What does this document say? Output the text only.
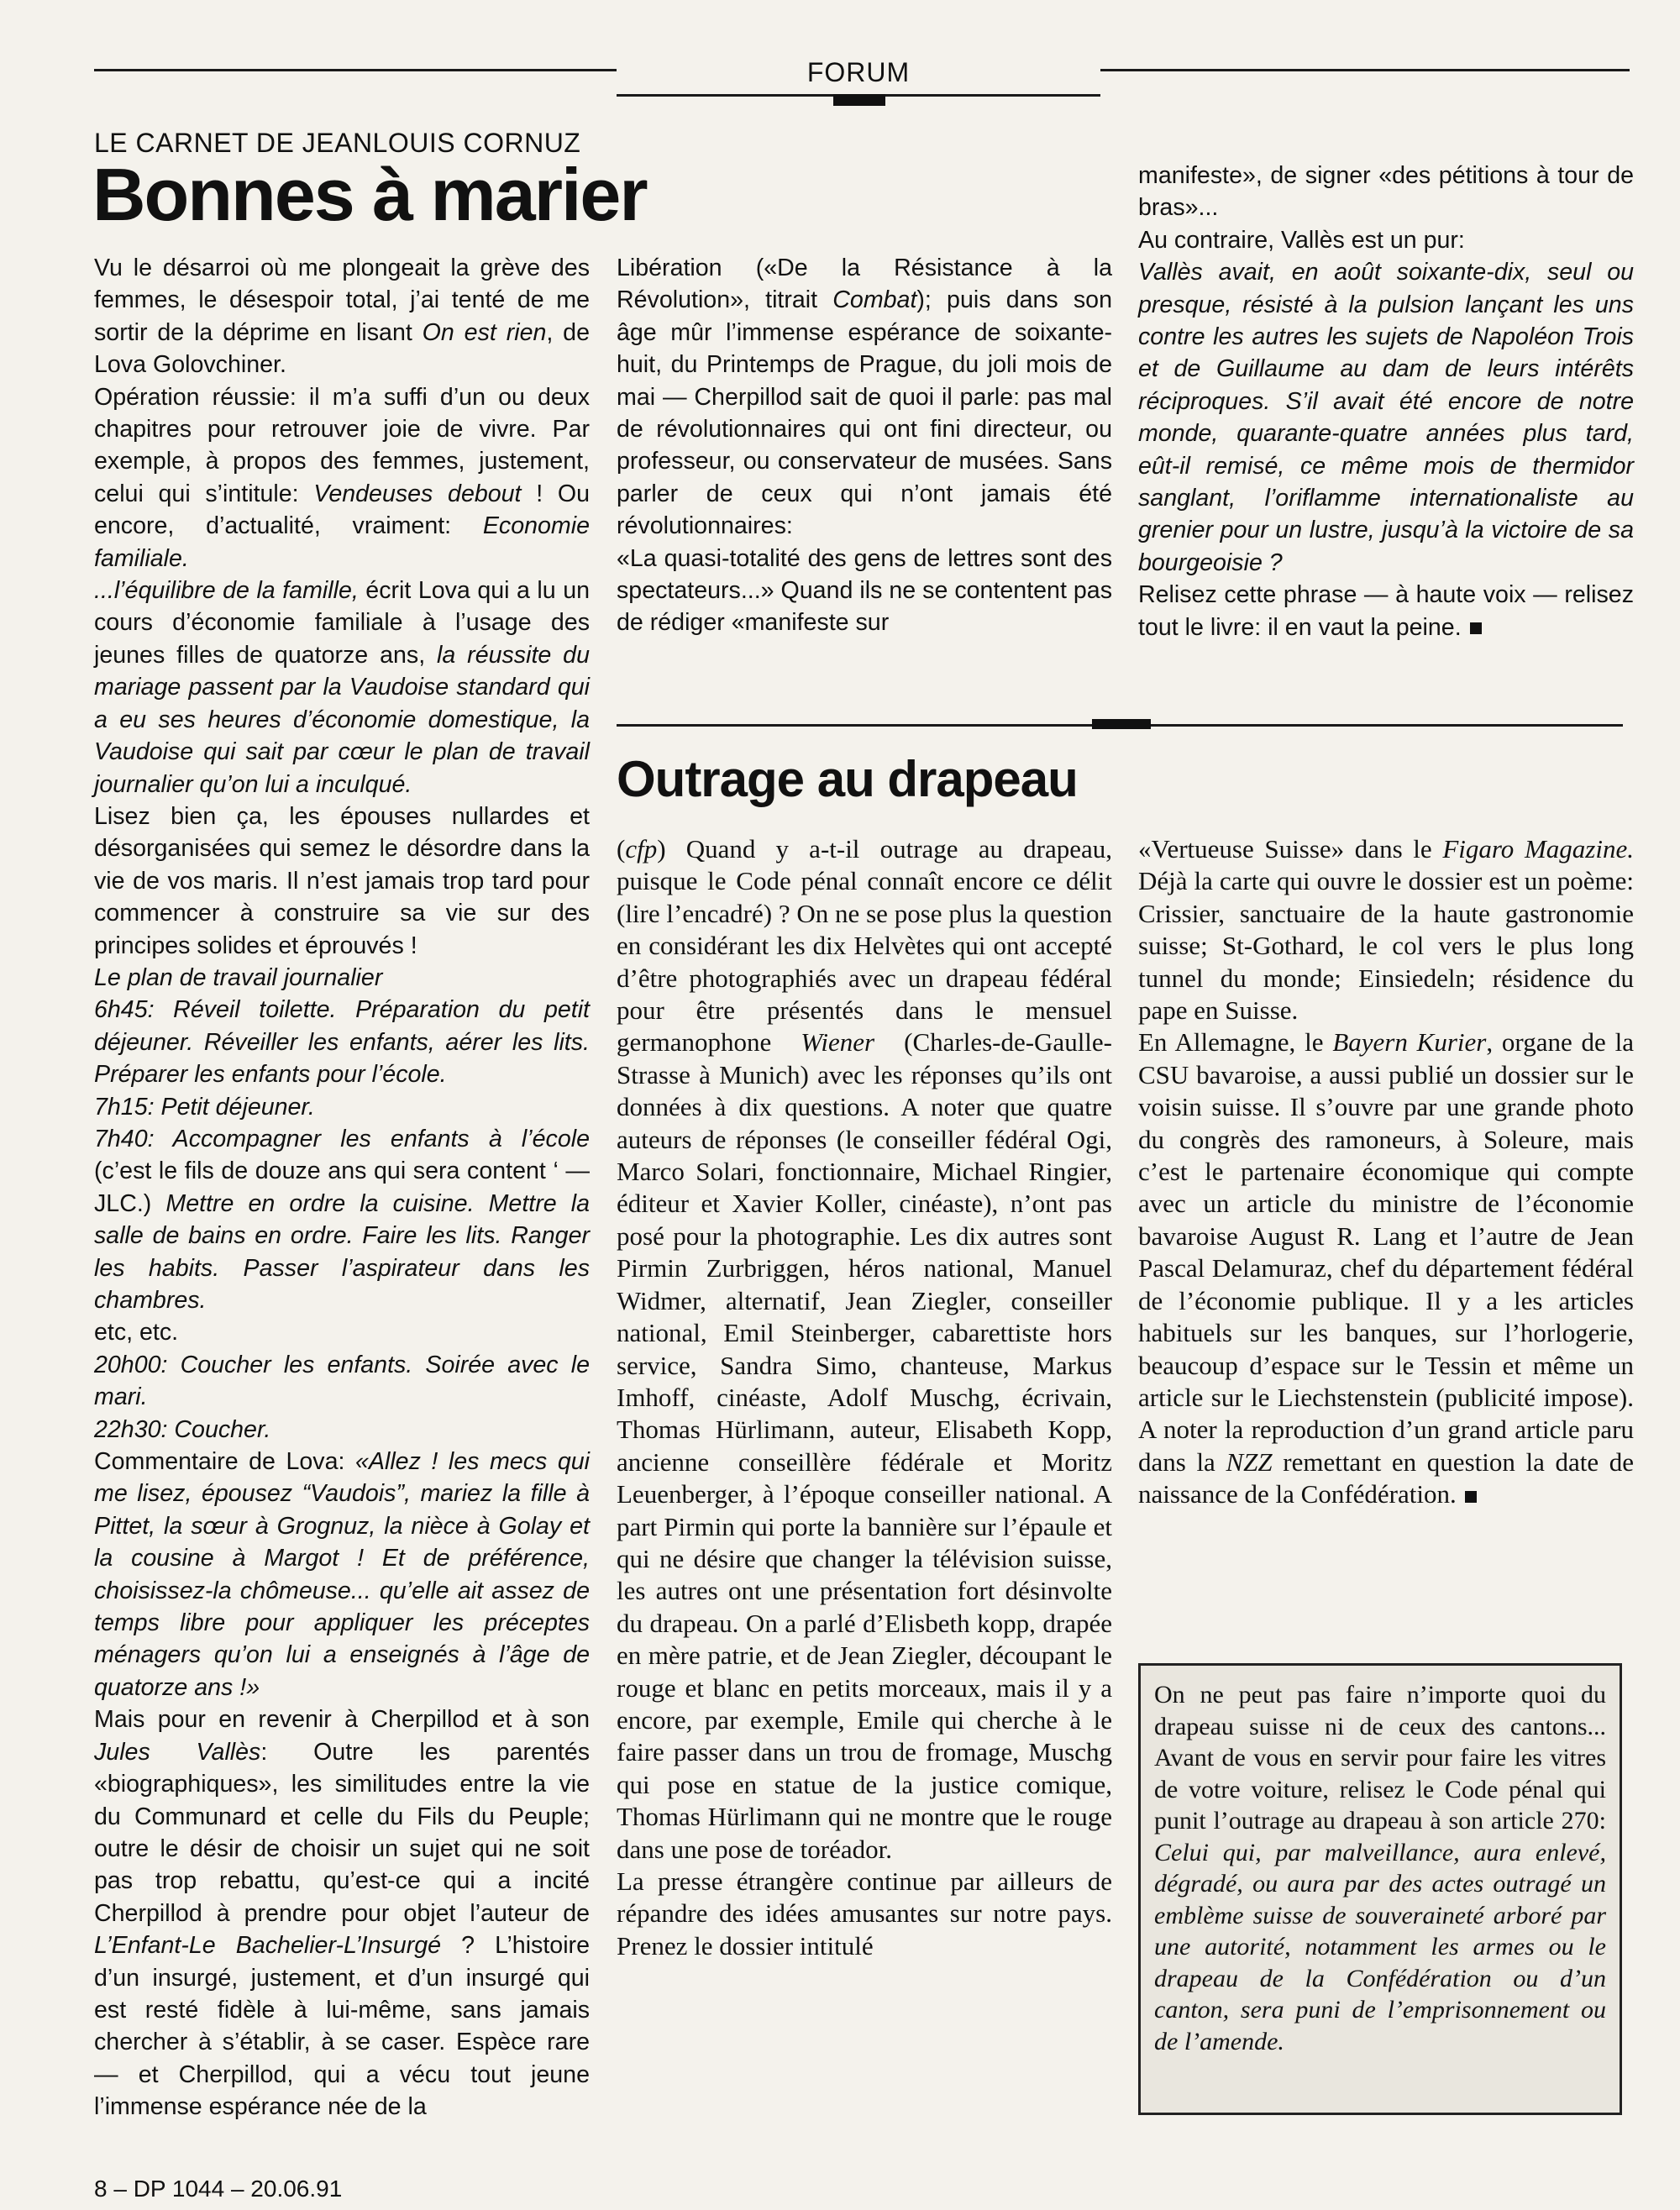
FORUM
LE CARNET DE JEANLOUIS CORNUZ
Bonnes à marier

Vu le désarroi où me plongeait la grève des femmes, le désespoir total, j’ai tenté de me sortir de la déprime en lisant On est rien, de Lova Golovchiner.
Opération réussie: il m’a suffi d’un ou deux chapitres pour retrouver joie de vivre. Par exemple, à propos des femmes, justement, celui qui s’intitule: Vendeuses debout ! Ou encore, d’actualité, vraiment: Economie familiale.
...l’équilibre de la famille, écrit Lova qui a lu un cours d’économie familiale à l’usage des jeunes filles de quatorze ans, la réussite du mariage passent par la Vaudoise standard qui a eu ses heures d’économie domestique, la Vaudoise qui sait par cœur le plan de travail journalier qu’on lui a inculqué.
Lisez bien ça, les épouses nullardes et désorganisées qui semez le désordre dans la vie de vos maris. Il n’est jamais trop tard pour commencer à construire sa vie sur des principes solides et éprouvés !
Le plan de travail journalier
6h45: Réveil toilette. Préparation du petit déjeuner. Réveiller les enfants, aérer les lits. Préparer les enfants pour l’école.
7h15: Petit déjeuner.
7h40: Accompagner les enfants à l’école (c’est le fils de douze ans qui sera content ‘ — JLC.) Mettre en ordre la cuisine. Mettre la salle de bains en ordre. Faire les lits. Ranger les habits. Passer l’aspirateur dans les chambres.
etc, etc.
20h00: Coucher les enfants. Soirée avec le mari.
22h30: Coucher.
Commentaire de Lova: «Allez ! les mecs qui me lisez, épousez “Vaudois”, mariez la fille à Pittet, la sœur à Grognuz, la nièce à Golay et la cousine à Margot ! Et de préférence, choisissez-la chômeuse... qu’elle ait assez de temps libre pour appliquer les préceptes ménagers qu’on lui a enseignés à l’âge de quatorze ans !»
Mais pour en revenir à Cherpillod et à son Jules Vallès: Outre les parentés «biographiques», les similitudes entre la vie du Communard et celle du Fils du Peuple; outre le désir de choisir un sujet qui ne soit pas trop rebattu, qu’est-ce qui a incité Cherpillod à prendre pour objet l’auteur de L’Enfant-Le Bachelier-L’Insurgé ? L’histoire d’un insurgé, justement, et d’un insurgé qui est resté fidèle à lui-même, sans jamais chercher à s’établir, à se caser. Espèce rare — et Cherpillod, qui a vécu tout jeune l’immense espérance née de la

Libération («De la Résistance à la Révolution», titrait Combat); puis dans son âge mûr l’immense espérance de soixante-huit, du Printemps de Prague, du joli mois de mai — Cherpillod sait de quoi il parle: pas mal de révolutionnaires qui ont fini directeur, ou professeur, ou conservateur de musées. Sans parler de ceux qui n’ont jamais été révolutionnaires:
«La quasi-totalité des gens de lettres sont des spectateurs...» Quand ils ne se contentent pas de rédiger «manifeste sur

manifeste», de signer «des pétitions à tour de bras»...
Au contraire, Vallès est un pur:
Vallès avait, en août soixante-dix, seul ou presque, résisté à la pulsion lançant les uns contre les autres les sujets de Napoléon Trois et de Guillaume au dam de leurs intérêts réciproques. S’il avait été encore de notre monde, quarante-quatre années plus tard, eût-il remisé, ce même mois de thermidor sanglant, l’oriflamme internationaliste au grenier pour un lustre, jusqu’à la victoire de sa bourgeoisie ?
Relisez cette phrase — à haute voix — relisez tout le livre: il en vaut la peine.

Outrage au drapeau

(cfp) Quand y a-t-il outrage au drapeau, puisque le Code pénal connaît encore ce délit (lire l’encadré) ? On ne se pose plus la question en considérant les dix Helvètes qui ont accepté d’être photographiés avec un drapeau fédéral pour être présentés dans le mensuel germanophone Wiener (Charles-de-Gaulle-Strasse à Munich) avec les réponses qu’ils ont données à dix questions. A noter que quatre auteurs de réponses (le conseiller fédéral Ogi, Marco Solari, fonctionnaire, Michael Ringier, éditeur et Xavier Koller, cinéaste), n’ont pas posé pour la photographie. Les dix autres sont Pirmin Zurbriggen, héros national, Manuel Widmer, alternatif, Jean Ziegler, conseiller national, Emil Steinberger, cabarettiste hors service, Sandra Simo, chanteuse, Markus Imhoff, cinéaste, Adolf Muschg, écrivain, Thomas Hürlimann, auteur, Elisabeth Kopp, ancienne conseillère fédérale et Moritz Leuenberger, à l’époque conseiller national. A part Pirmin qui porte la bannière sur l’épaule et qui ne désire que changer la télévision suisse, les autres ont une présentation fort désinvolte du drapeau. On a parlé d’Elisbeth kopp, drapée en mère patrie, et de Jean Ziegler, découpant le rouge et blanc en petits morceaux, mais il y a encore, par exemple, Emile qui cherche à le faire passer dans un trou de fromage, Muschg qui pose en statue de la justice comique, Thomas Hürlimann qui ne montre que le rouge dans une pose de toréador.
La presse étrangère continue par ailleurs de répandre des idées amusantes sur notre pays. Prenez le dossier intitulé

«Vertueuse Suisse» dans le Figaro Magazine. Déjà la carte qui ouvre le dossier est un poème: Crissier, sanctuaire de la haute gastronomie suisse; St-Gothard, le col vers le plus long tunnel du monde; Einsiedeln; résidence du pape en Suisse.
En Allemagne, le Bayern Kurier, organe de la CSU bavaroise, a aussi publié un dossier sur le voisin suisse. Il s’ouvre par une grande photo du congrès des ramoneurs, à Soleure, mais c’est le partenaire économique qui compte avec un article du ministre de l’économie bavaroise August R. Lang et l’autre de Jean Pascal Delamuraz, chef du département fédéral de l’économie publique. Il y a les articles habituels sur les banques, sur l’horlogerie, beaucoup d’espace sur le Tessin et même un article sur le Liechstenstein (publicité impose). A noter la reproduction d’un grand article paru dans la NZZ remettant en question la date de naissance de la Confédération.

On ne peut pas faire n’importe quoi du drapeau suisse ni de ceux des cantons... Avant de vous en servir pour faire les vitres de votre voiture, relisez le Code pénal qui punit l’outrage au drapeau à son article 270: Celui qui, par malveillance, aura enlevé, dégradé, ou aura par des actes outragé un emblème suisse de souveraineté arboré par une autorité, notamment les armes ou le drapeau de la Confédération ou d’un canton, sera puni de l’emprisonnement ou de l’amende.

8 – DP 1044 – 20.06.91
